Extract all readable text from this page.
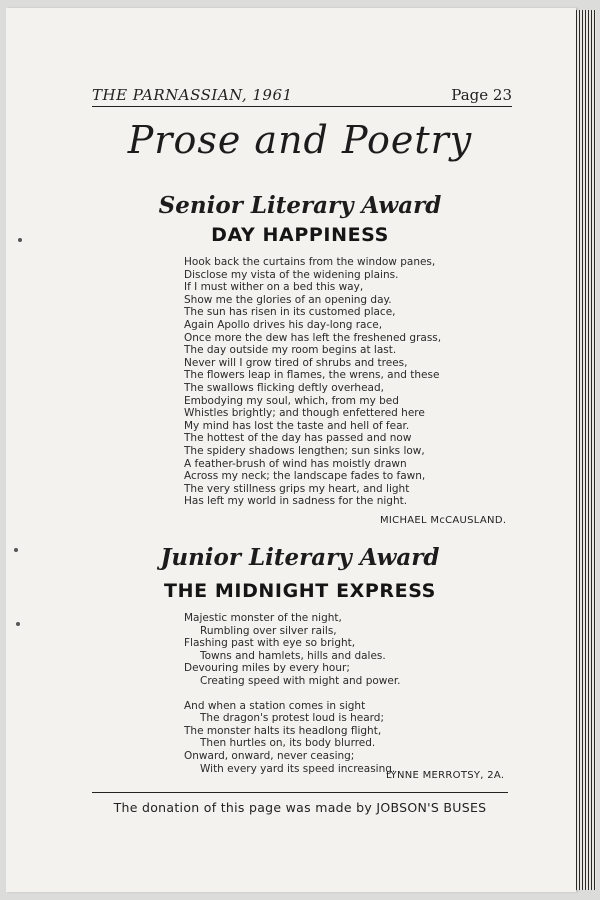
THE PARNASSIAN, 1961	Page 23
Prose and Poetry
Senior Literary Award
DAY HAPPINESS
Hook back the curtains from the window panes,
Disclose my vista of the widening plains.
If I must wither on a bed this way,
Show me the glories of an opening day.
The sun has risen in its customed place,
Again Apollo drives his day-long race,
Once more the dew has left the freshened grass,
The day outside my room begins at last.
Never will I grow tired of shrubs and trees,
The flowers leap in flames, the wrens, and these
The swallows flicking deftly overhead,
Embodying my soul, which, from my bed
Whistles brightly; and though enfettered here
My mind has lost the taste and hell of fear.
The hottest of the day has passed and now
The spidery shadows lengthen; sun sinks low,
A feather-brush of wind has moistly drawn
Across my neck; the landscape fades to fawn,
The very stillness grips my heart, and light
Has left my world in sadness for the night.
MICHAEL McCAUSLAND.
Junior Literary Award
THE MIDNIGHT EXPRESS
Majestic monster of the night,
Rumbling over silver rails,
Flashing past with eye so bright,
Towns and hamlets, hills and dales.
Devouring miles by every hour;
Creating speed with might and power.
And when a station comes in sight
The dragon's protest loud is heard;
The monster halts its headlong flight,
Then hurtles on, its body blurred.
Onward, onward, never ceasing;
With every yard its speed increasing.
LYNNE MERROTSY, 2A.
The donation of this page was made by JOBSON'S BUSES
